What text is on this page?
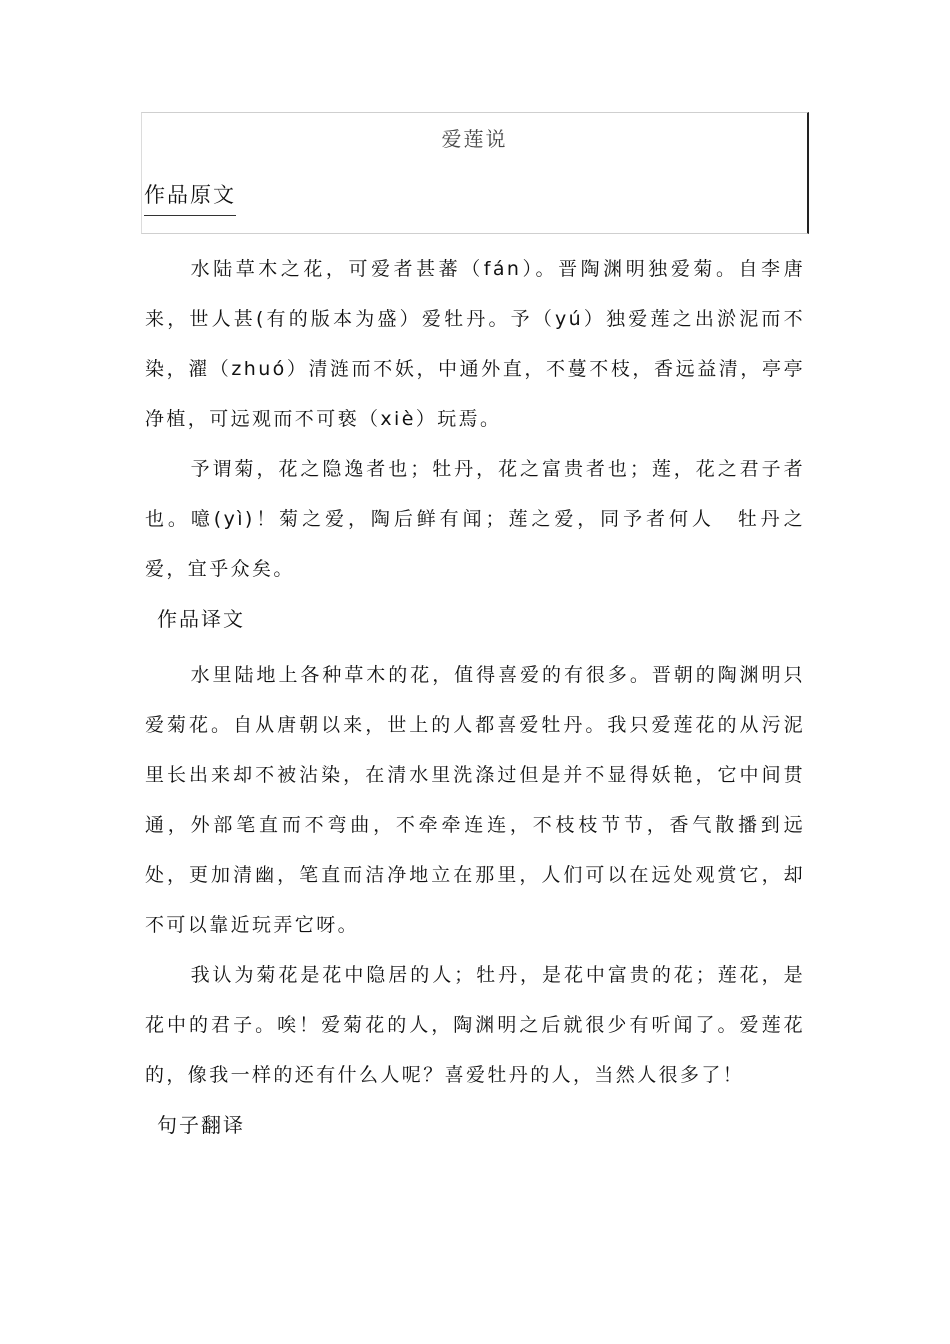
爱莲说
作品原文

水陆草木之花，可爱者甚蕃（fán）。晋陶渊明独爱菊。自李唐来，世人甚(有的版本为盛）爱牡丹。予（yú）独爱莲之出淤泥而不染，濯（zhuó）清涟而不妖，中通外直，不蔓不枝，香远益清，亭亭净植，可远观而不可亵（xiè）玩焉。

予谓菊，花之隐逸者也；牡丹，花之富贵者也；莲，花之君子者也。噫(yì)！菊之爱，陶后鲜有闻；莲之爱，同予者何人　牡丹之爱，宜乎众矣。

作品译文

水里陆地上各种草木的花，值得喜爱的有很多。晋朝的陶渊明只爱菊花。自从唐朝以来，世上的人都喜爱牡丹。我只爱莲花的从污泥里长出来却不被沾染，在清水里洗涤过但是并不显得妖艳，它中间贯通，外部笔直而不弯曲，不牵牵连连，不枝枝节节，香气散播到远处，更加清幽，笔直而洁净地立在那里，人们可以在远处观赏它，却不可以靠近玩弄它呀。

我认为菊花是花中隐居的人；牡丹，是花中富贵的花；莲花，是花中的君子。唉！爱菊花的人，陶渊明之后就很少有听闻了。爱莲花的，像我一样的还有什么人呢？喜爱牡丹的人，当然人很多了！

句子翻译
